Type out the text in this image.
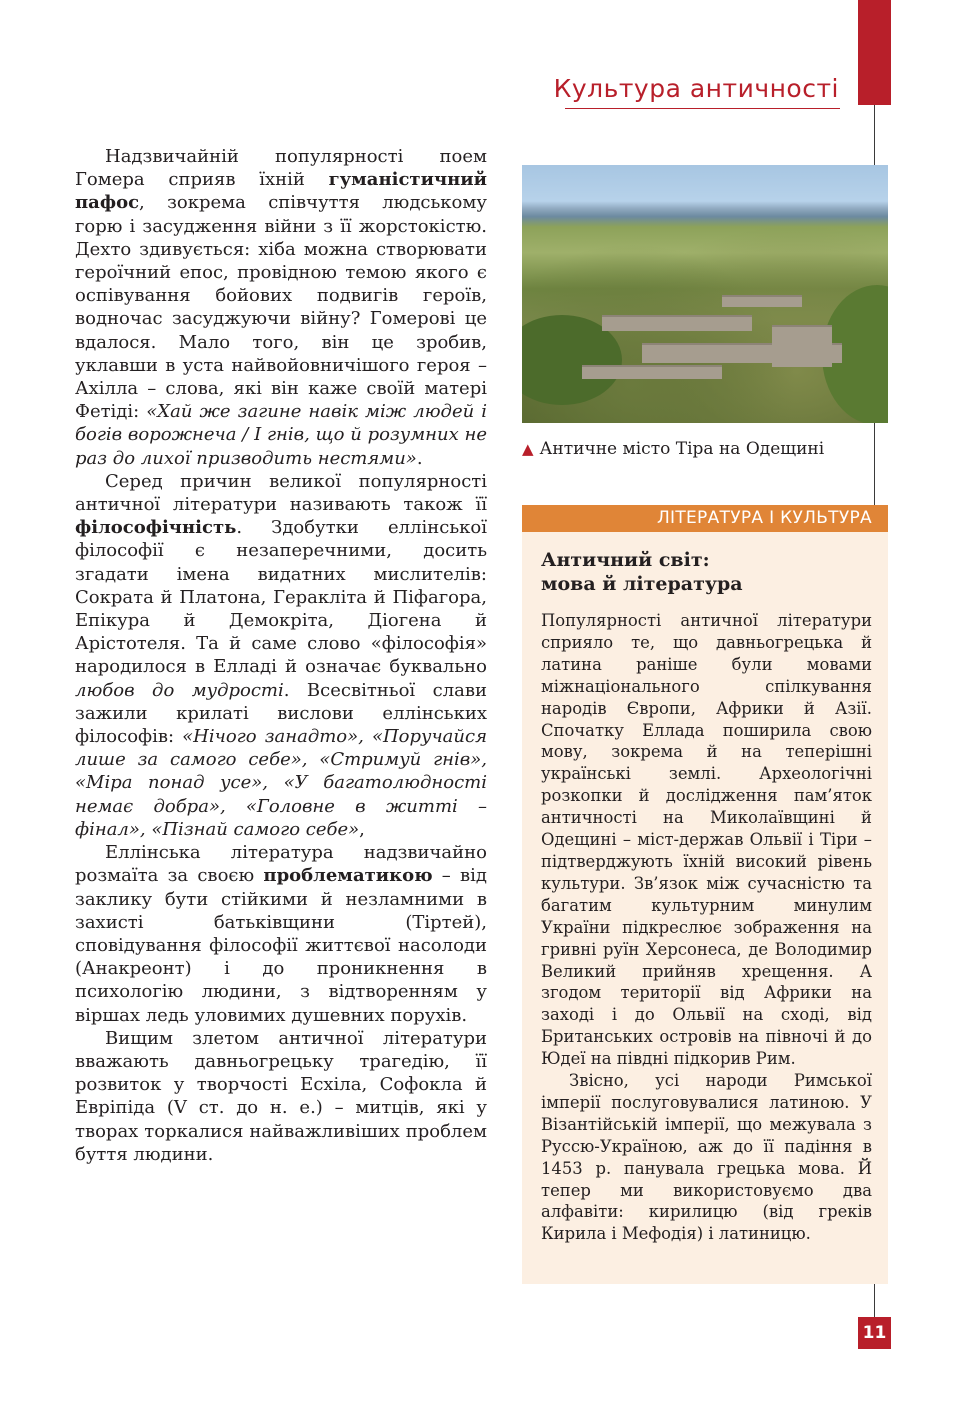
Культура античності

Надзвичайній популярності поем Гомера сприяв їхній гуманістичний пафос, зокрема співчуття людському горю і засудження війни з її жорстокістю. Дехто здивується: хіба можна створювати героїчний епос, провідною темою якого є оспівування бойових подвигів героїв, водночас засуджуючи війну? Гомерові це вдалося. Мало того, він це зробив, уклавши в уста найвойовничішого героя – Ахілла – слова, які він каже своїй матері Фетіді: «Хай же загине навік між людей і богів ворожнеча / І гнів, що й розумних не раз до лихої призводить нестями».

Серед причин великої популярності античної літератури називають також її філософічність. Здобутки еллінської філософії є незаперечними, досить згадати імена видатних мислителів: Сократа й Платона, Геракліта й Піфагора, Епікура й Демокріта, Діогена й Арістотеля. Та й саме слово «філософія» народилося в Елладі й означає буквально любов до мудрості. Всесвітньої слави зажили крилаті вислови еллінських філософів: «Нічого занадто», «Поручайся лише за самого себе», «Стримуй гнів», «Міра понад усе», «У багатолюдності немає добра», «Головне в житті – фінал», «Пізнай самого себе»,

Еллінська література надзвичайно розмаїта за своєю проблематикою – від заклику бути стійкими й незламними в захисті батьківщини (Тіртей), сповідування філософії життєвої насолоди (Анакреонт) і до проникнення в психологію людини, з відтворенням у віршах ледь уловимих душевних порухів.

Вищим злетом античної літератури вважають давньогрецьку трагедію, її розвиток у творчості Есхіла, Софокла й Евріпіда (V ст. до н. е.) – митців, які у творах торкалися найважливіших проблем буття людини.

▲ Античне місто Тіра на Одещині

ЛІТЕРАТУРА І КУЛЬТУРА
Античний світ:
мова й література

Популярності античної літератури сприяло те, що давньогрецька й латина раніше були мовами міжнаціонального спілкування народів Європи, Африки й Азії. Спочатку Еллада поширила свою мову, зокрема й на теперішні українські землі. Археологічні розкопки й дослідження пам’яток античності на Миколаївщині й Одещині – міст-держав Ольвії і Тіри – підтверджують їхній високий рівень культури. Зв’язок між сучасністю та багатим культурним минулим України підкреслює зображення на гривні руїн Херсонеса, де Володимир Великий прийняв хрещення. А згодом території від Африки на заході і до Ольвії на сході, від Британських островів на півночі й до Юдеї на півдні підкорив Рим.

Звісно, усі народи Римської імперії послуговувалися латиною. У Візантійській імперії, що межувала з Руссю-Україною, аж до її падіння в 1453 р. панувала грецька мова. Й тепер ми використовуємо два алфавіти: кирилицю (від греків Кирила і Мефодія) і латиницю.

11
